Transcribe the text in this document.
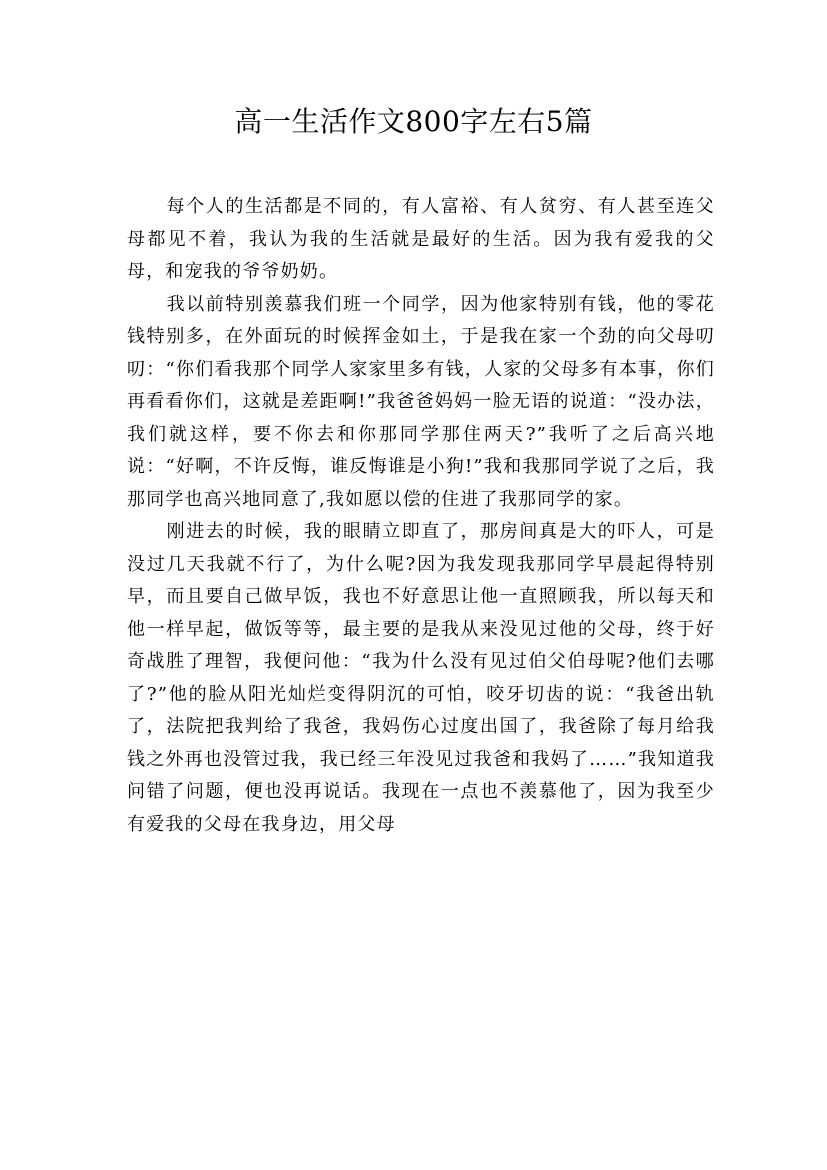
高一生活作文800字左右5篇

每个人的生活都是不同的，有人富裕、有人贫穷、有人甚至连父母都见不着，我认为我的生活就是最好的生活。因为我有爱我的父母，和宠我的爷爷奶奶。

我以前特别羡慕我们班一个同学，因为他家特别有钱，他的零花钱特别多，在外面玩的时候挥金如土，于是我在家一个劲的向父母叨叨：“你们看我那个同学人家家里多有钱，人家的父母多有本事，你们再看看你们，这就是差距啊!”我爸爸妈妈一脸无语的说道：“没办法，我们就这样，要不你去和你那同学那住两天?”我听了之后高兴地说：“好啊，不许反悔，谁反悔谁是小狗!”我和我那同学说了之后，我那同学也高兴地同意了,我如愿以偿的住进了我那同学的家。

刚进去的时候，我的眼睛立即直了，那房间真是大的吓人，可是没过几天我就不行了，为什么呢?因为我发现我那同学早晨起得特别早，而且要自己做早饭，我也不好意思让他一直照顾我，所以每天和他一样早起，做饭等等，最主要的是我从来没见过他的父母，终于好奇战胜了理智，我便问他：“我为什么没有见过伯父伯母呢?他们去哪了?”他的脸从阳光灿烂变得阴沉的可怕，咬牙切齿的说：“我爸出轨了，法院把我判给了我爸，我妈伤心过度出国了，我爸除了每月给我钱之外再也没管过我，我已经三年没见过我爸和我妈了……”我知道我问错了问题，便也没再说话。我现在一点也不羡慕他了，因为我至少有爱我的父母在我身边，用父母
